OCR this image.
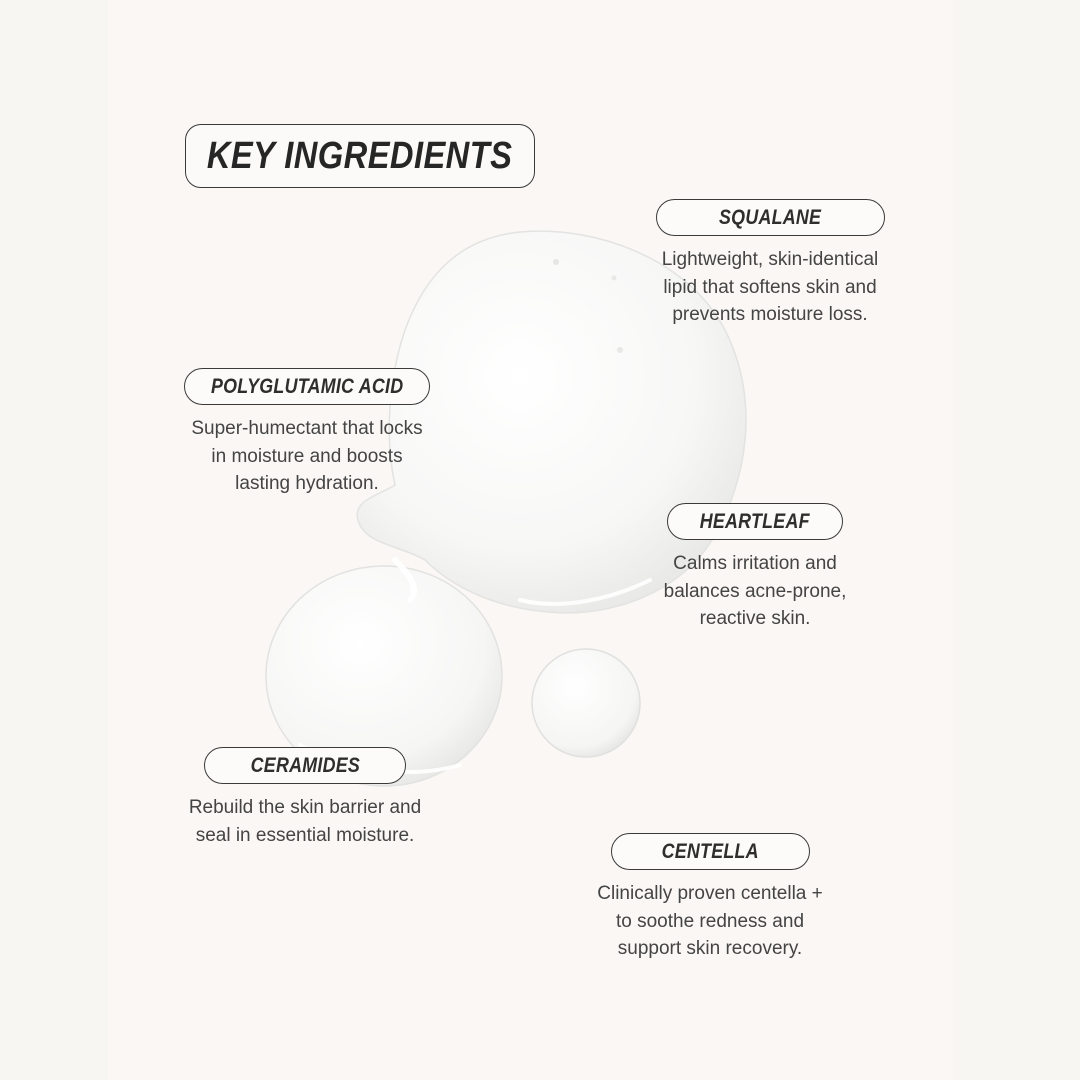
KEY INGREDIENTS
SQUALANE
Lightweight, skin-identical
lipid that softens skin and
prevents moisture loss.
POLYGLUTAMIC ACID
Super-humectant that locks
in moisture and boosts
lasting hydration.
HEARTLEAF
Calms irritation and
balances acne-prone,
reactive skin.
CERAMIDES
Rebuild the skin barrier and
seal in essential moisture.
CENTELLA
Clinically proven centella +
to soothe redness and
support skin recovery.
